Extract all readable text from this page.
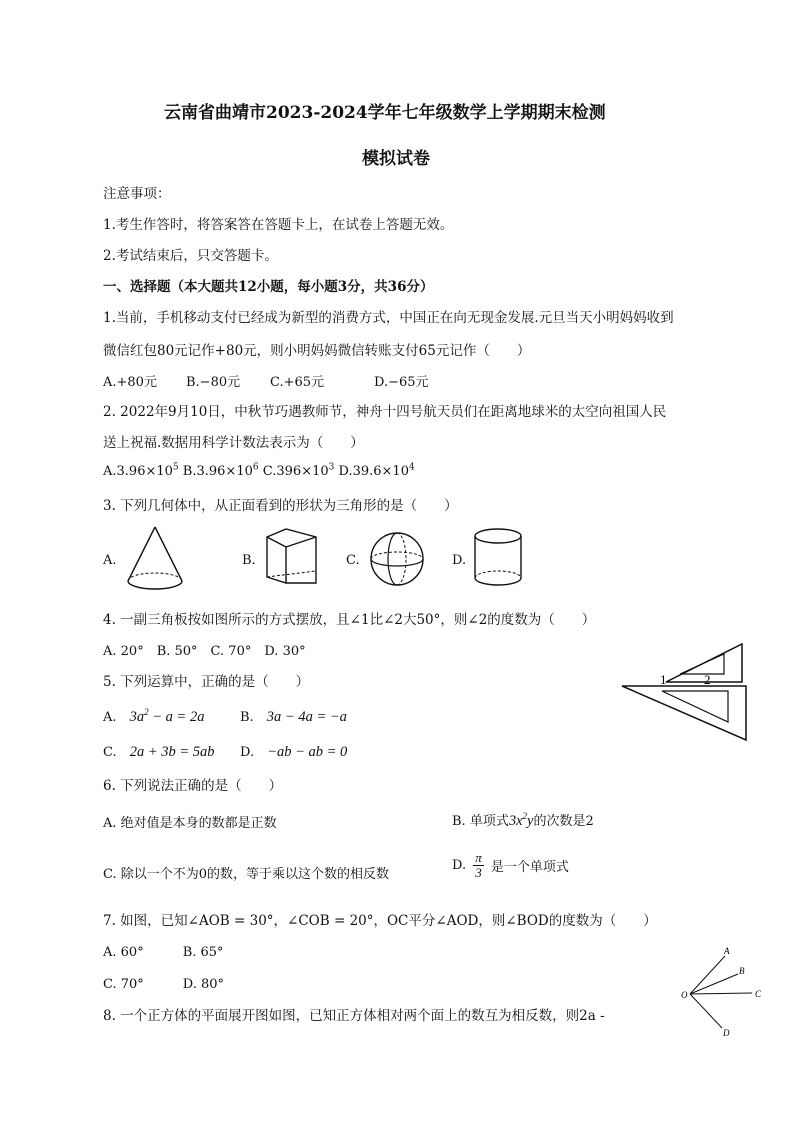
云南省曲靖市2023-2024学年七年级数学上学期期末检测
模拟试卷
注意事项：
1.考生作答时，将答案答在答题卡上，在试卷上答题无效。
2.考试结束后，只交答题卡。
一、选择题（本大题共12小题，每小题3分，共36分）
1.当前，手机移动支付已经成为新型的消费方式，中国正在向无现金发展.元旦当天小明妈妈收到
微信红包80元记作+80元，则小明妈妈微信转账支付65元记作（　　）
A.+80元 B.−80元 C.+65元	D.−65元
2. 2022年9月10日，中秋节巧遇教师节，神舟十四号航天员们在距离地球米的太空向祖国人民
送上祝福.数据用科学计数法表示为（　　）
$A.3.96\times 10^5$ $B.3.96\times 10^6$ $C.396\times 10^3$ $D.39.6\times 10^4$
3. 下列几何体中，从正面看到的形状为三角形的是（　　）
A.	B.	C.	D.
4. 一副三角板按如图所示的方式摆放，且∠1比∠2大50°，则∠2的度数为（　　）
A. 20°　B. 50°　C. 70°　D. 30°
1	2
5. 下列运算中，正确的是（　　）
A. $3a^2 - a = 2a$	B. 3a − 4a = −a
C. 2a + 3b = 5ab D. −ab − ab = 0
6. 下列说法正确的是（　　）
A. 绝对值是本身的数都是正数	B. 单项式$3x^2y$的次数是2
C. 除以一个不为0的数，等于乘以这个数的相反数
D. $\frac{\pi}{3}$ 是一个单项式
7. 如图，已知∠AOB = 30°，∠COB = 20°，OC平分∠AOD，则∠BOD的度数为（　　）
A. 60°　　　B. 65°
C. 70°　　　D. 80°
A
B
C
D
O
8. 一个正方体的平面展开图如图，已知正方体相对两个面上的数互为相反数，则2a -
